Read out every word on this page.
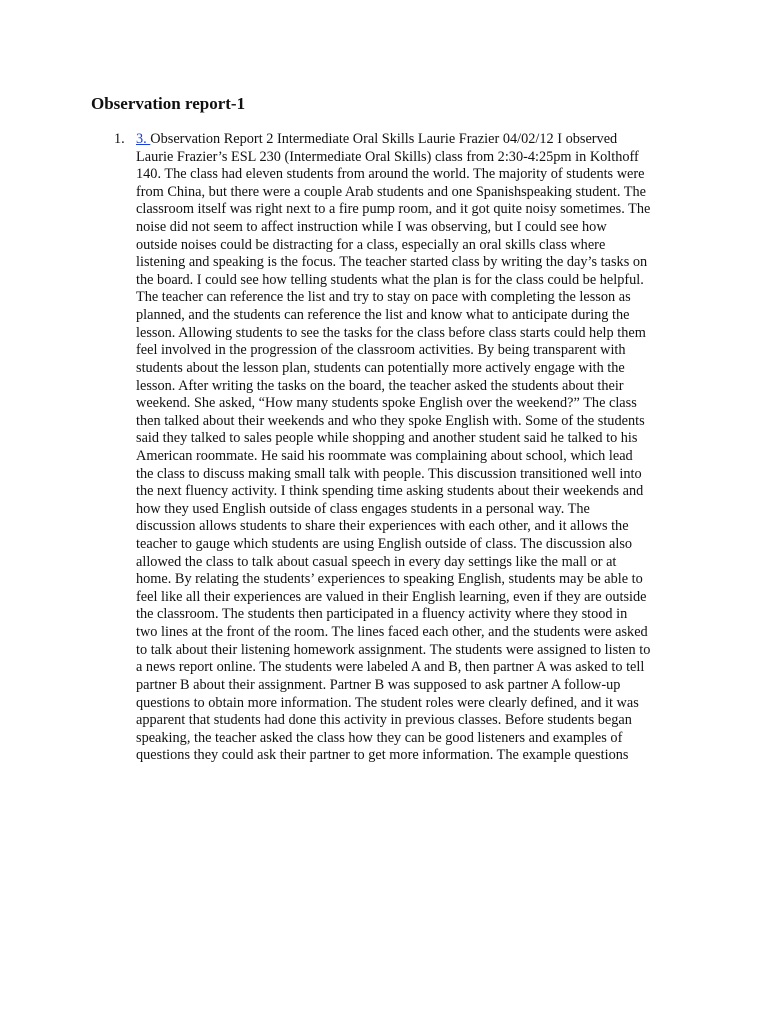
Observation report-1
1. 3. Observation Report 2 Intermediate Oral Skills Laurie Frazier 04/02/12 I observed
Laurie Frazier’s ESL 230 (Intermediate Oral Skills) class from 2:30-4:25pm in Kolthoff
140. The class had eleven students from around the world. The majority of students were
from China, but there were a couple Arab students and one Spanishspeaking student. The
classroom itself was right next to a fire pump room, and it got quite noisy sometimes. The
noise did not seem to affect instruction while I was observing, but I could see how
outside noises could be distracting for a class, especially an oral skills class where
listening and speaking is the focus. The teacher started class by writing the day’s tasks on
the board. I could see how telling students what the plan is for the class could be helpful.
The teacher can reference the list and try to stay on pace with completing the lesson as
planned, and the students can reference the list and know what to anticipate during the
lesson. Allowing students to see the tasks for the class before class starts could help them
feel involved in the progression of the classroom activities. By being transparent with
students about the lesson plan, students can potentially more actively engage with the
lesson. After writing the tasks on the board, the teacher asked the students about their
weekend. She asked, “How many students spoke English over the weekend?” The class
then talked about their weekends and who they spoke English with. Some of the students
said they talked to sales people while shopping and another student said he talked to his
American roommate. He said his roommate was complaining about school, which lead
the class to discuss making small talk with people. This discussion transitioned well into
the next fluency activity. I think spending time asking students about their weekends and
how they used English outside of class engages students in a personal way. The
discussion allows students to share their experiences with each other, and it allows the
teacher to gauge which students are using English outside of class. The discussion also
allowed the class to talk about casual speech in every day settings like the mall or at
home. By relating the students’ experiences to speaking English, students may be able to
feel like all their experiences are valued in their English learning, even if they are outside
the classroom. The students then participated in a fluency activity where they stood in
two lines at the front of the room. The lines faced each other, and the students were asked
to talk about their listening homework assignment. The students were assigned to listen to
a news report online. The students were labeled A and B, then partner A was asked to tell
partner B about their assignment. Partner B was supposed to ask partner A follow-up
questions to obtain more information. The student roles were clearly defined, and it was
apparent that students had done this activity in previous classes. Before students began
speaking, the teacher asked the class how they can be good listeners and examples of
questions they could ask their partner to get more information. The example questions
